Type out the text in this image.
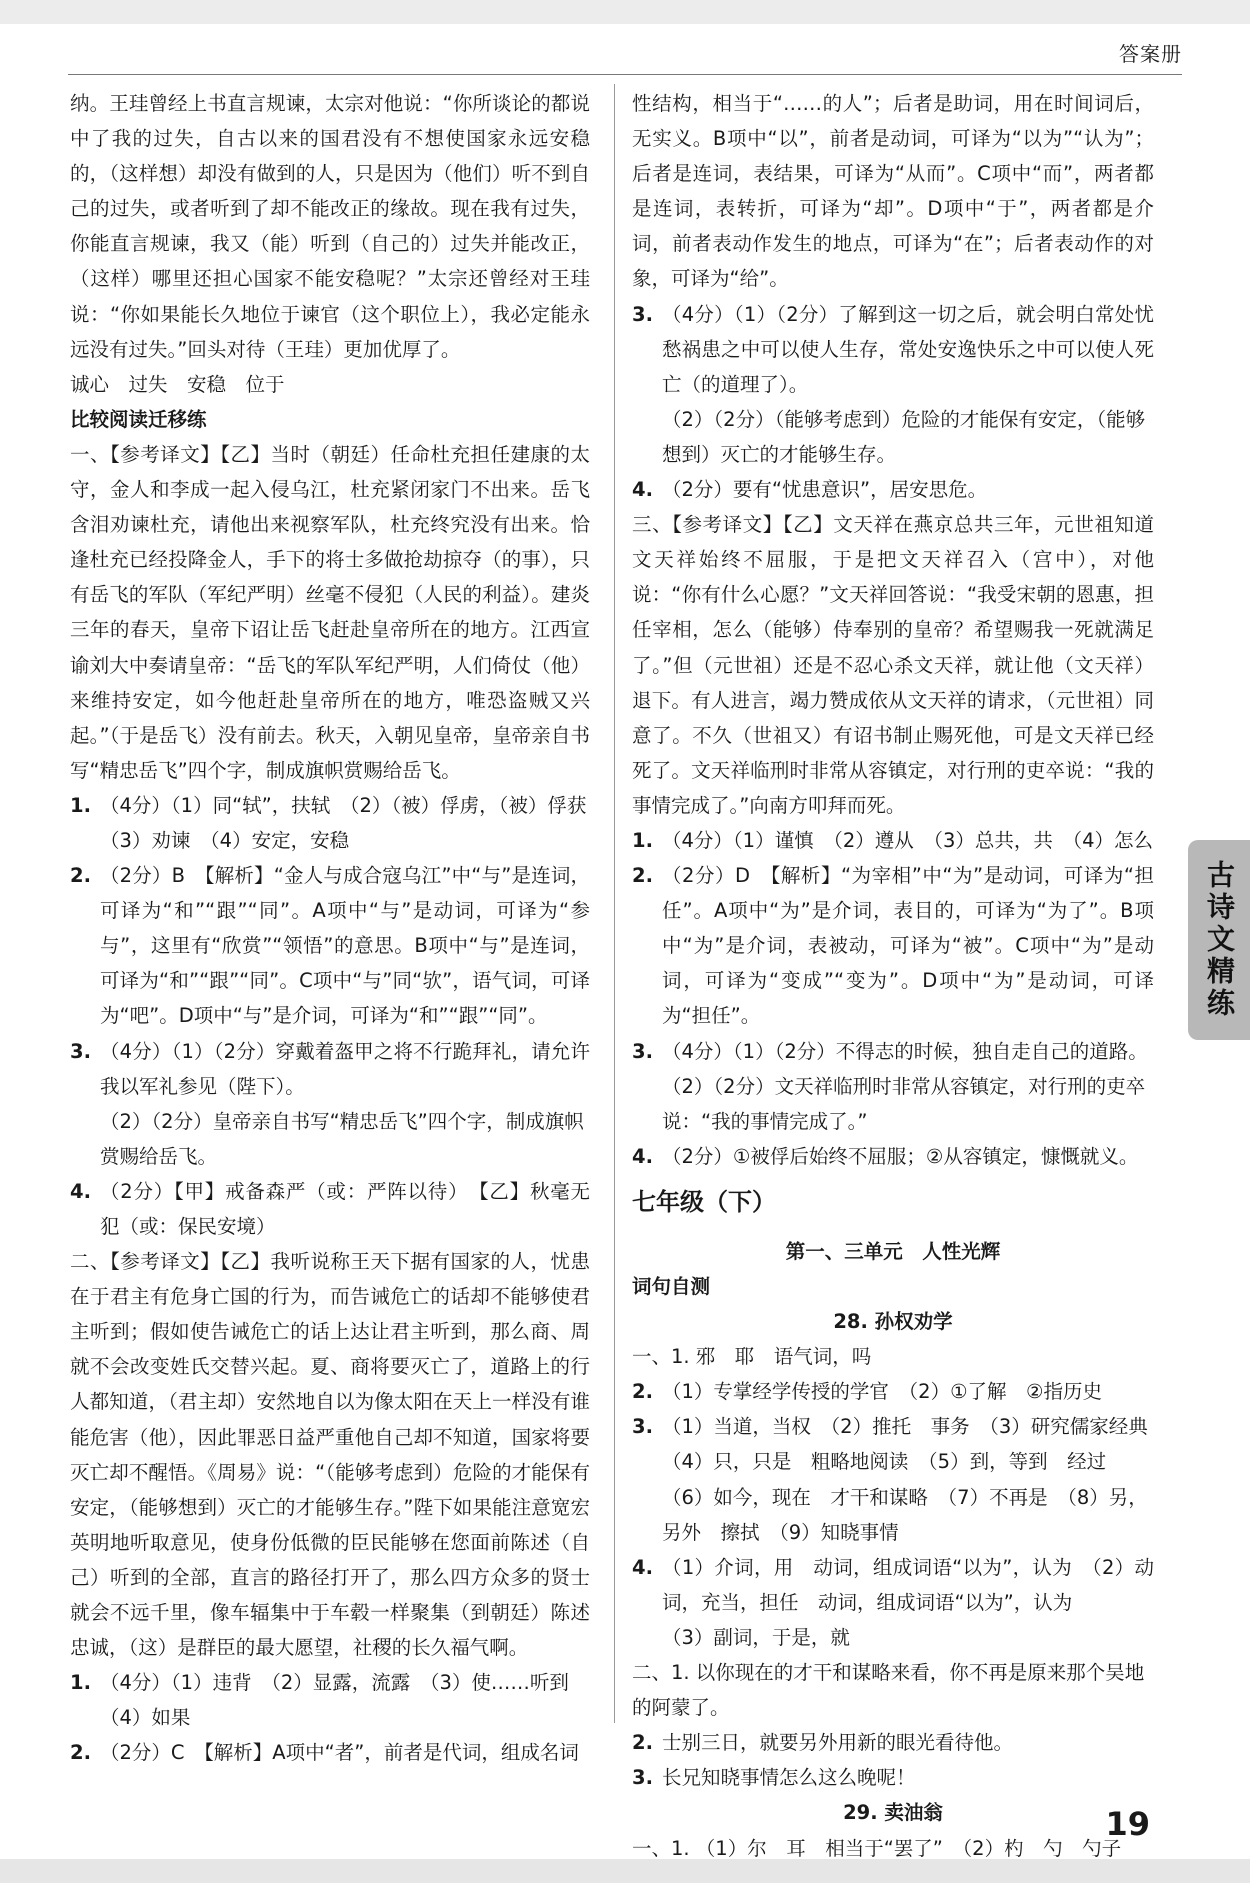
答案册

纳。王珪曾经上书直言规谏，太宗对他说：“你所谈论的都说中了我的过失，自古以来的国君没有不想使国家永远安稳的，（这样想）却没有做到的人，只是因为（他们）听不到自己的过失，或者听到了却不能改正的缘故。现在我有过失，你能直言规谏，我又（能）听到（自己的）过失并能改正，（这样）哪里还担心国家不能安稳呢？”太宗还曾经对王珪说：“你如果能长久地位于谏官（这个职位上），我必定能永远没有过失。”回头对待（王珪）更加优厚了。

诚心　过失　安稳　位于

比较阅读迁移练

一、【参考译文】【乙】当时（朝廷）任命杜充担任建康的太守，金人和李成一起入侵乌江，杜充紧闭家门不出来。岳飞含泪劝谏杜充，请他出来视察军队，杜充终究没有出来。恰逢杜充已经投降金人，手下的将士多做抢劫掠夺（的事），只有岳飞的军队（军纪严明）丝毫不侵犯（人民的利益）。建炎三年的春天，皇帝下诏让岳飞赶赴皇帝所在的地方。江西宣谕刘大中奏请皇帝：“岳飞的军队军纪严明，人们倚仗（他）来维持安定，如今他赶赴皇帝所在的地方，唯恐盗贼又兴起。”（于是岳飞）没有前去。秋天，入朝见皇帝，皇帝亲自书写“精忠岳飞”四个字，制成旗帜赏赐给岳飞。

1. （4分）（1）同“轼”，扶轼　（2）（被）俘虏，（被）俘获

（3）劝谏　（4）安定，安稳

2. （2分）B　【解析】“金人与成合寇乌江”中“与”是连词，可译为“和”“跟”“同”。A项中“与”是动词，可译为“参与”，这里有“欣赏”“领悟”的意思。B项中“与”是连词，可译为“和”“跟”“同”。C项中“与”同“欤”，语气词，可译为“吧”。D项中“与”是介词，可译为“和”“跟”“同”。
3. （4分）（1）（2分）穿戴着盔甲之将不行跪拜礼，请允许我以军礼参见（陛下）。

（2）（2分）皇帝亲自书写“精忠岳飞”四个字，制成旗帜赏赐给岳飞。

4. （2分）【甲】戒备森严（或：严阵以待）　【乙】秋毫无犯（或：保民安境）

二、【参考译文】【乙】我听说称王天下据有国家的人，忧患在于君主有危身亡国的行为，而告诫危亡的话却不能够使君主听到；假如使告诫危亡的话上达让君主听到，那么商、周就不会改变姓氏交替兴起。夏、商将要灭亡了，道路上的行人都知道，（君主却）安然地自以为像太阳在天上一样没有谁能危害（他），因此罪恶日益严重他自己却不知道，国家将要灭亡却不醒悟。《周易》说：“（能够考虑到）危险的才能保有安定，（能够想到）灭亡的才能够生存。”陛下如果能注意宽宏英明地听取意见，使身份低微的臣民能够在您面前陈述（自己）听到的全部，直言的路径打开了，那么四方众多的贤士就会不远千里，像车辐集中于车毂一样聚集（到朝廷）陈述忠诚，（这）是群臣的最大愿望，社稷的长久福气啊。

1. （4分）（1）违背　（2）显露，流露　（3）使……听到

（4）如果

2. （2分）C　【解析】A项中“者”，前者是代词，组成名词

性结构，相当于“……的人”；后者是助词，用在时间词后，无实义。B项中“以”，前者是动词，可译为“以为”“认为”；后者是连词，表结果，可译为“从而”。C项中“而”，两者都是连词，表转折，可译为“却”。D项中“于”，两者都是介词，前者表动作发生的地点，可译为“在”；后者表动作的对象，可译为“给”。

3. （4分）（1）（2分）了解到这一切之后，就会明白常处忧愁祸患之中可以使人生存，常处安逸快乐之中可以使人死亡（的道理了）。

（2）（2分）（能够考虑到）危险的才能保有安定，（能够想到）灭亡的才能够生存。

4. （2分）要有“忧患意识”，居安思危。

三、【参考译文】【乙】文天祥在燕京总共三年，元世祖知道文天祥始终不屈服，于是把文天祥召入（宫中），对他说：“你有什么心愿？”文天祥回答说：“我受宋朝的恩惠，担任宰相，怎么（能够）侍奉别的皇帝？希望赐我一死就满足了。”但（元世祖）还是不忍心杀文天祥，就让他（文天祥）退下。有人进言，竭力赞成依从文天祥的请求，（元世祖）同意了。不久（世祖又）有诏书制止赐死他，可是文天祥已经死了。文天祥临刑时非常从容镇定，对行刑的吏卒说：“我的事情完成了。”向南方叩拜而死。

1. （4分）（1）谨慎　（2）遵从　（3）总共，共　（4）怎么
2. （2分）D　【解析】“为宰相”中“为”是动词，可译为“担任”。A项中“为”是介词，表目的，可译为“为了”。B项中“为”是介词，表被动，可译为“被”。C项中“为”是动词，可译为“变成”“变为”。D项中“为”是动词，可译为“担任”。
3. （4分）（1）（2分）不得志的时候，独自走自己的道路。

（2）（2分）文天祥临刑时非常从容镇定，对行刑的吏卒说：“我的事情完成了。”

4. （2分）①被俘后始终不屈服；②从容镇定，慷慨就义。

七年级（下）

第一、三单元　人性光辉

词句自测

28. 孙权劝学

一、1. 邪　耶　语气词，吗

2. （1）专掌经学传授的学官　（2）①了解　②指历史
3. （1）当道，当权　（2）推托　事务　（3）研究儒家经典

（4）只，只是　粗略地阅读　（5）到，等到　经过

（6）如今，现在　才干和谋略　（7）不再是　（8）另，另外　擦拭　（9）知晓事情

4. （1）介词，用　动词，组成词语“以为”，认为　（2）动词，充当，担任　动词，组成词语“以为”，认为

（3）副词，于是，就

二、1. 以你现在的才干和谋略来看，你不再是原来那个吴地的阿蒙了。

2. 士别三日，就要另外用新的眼光看待他。
3. 长兄知晓事情怎么这么晚呢！

29. 卖油翁

一、1. （1）尔　耳　相当于“罢了”　（2）杓　勺　勺子

古诗文精练
19
